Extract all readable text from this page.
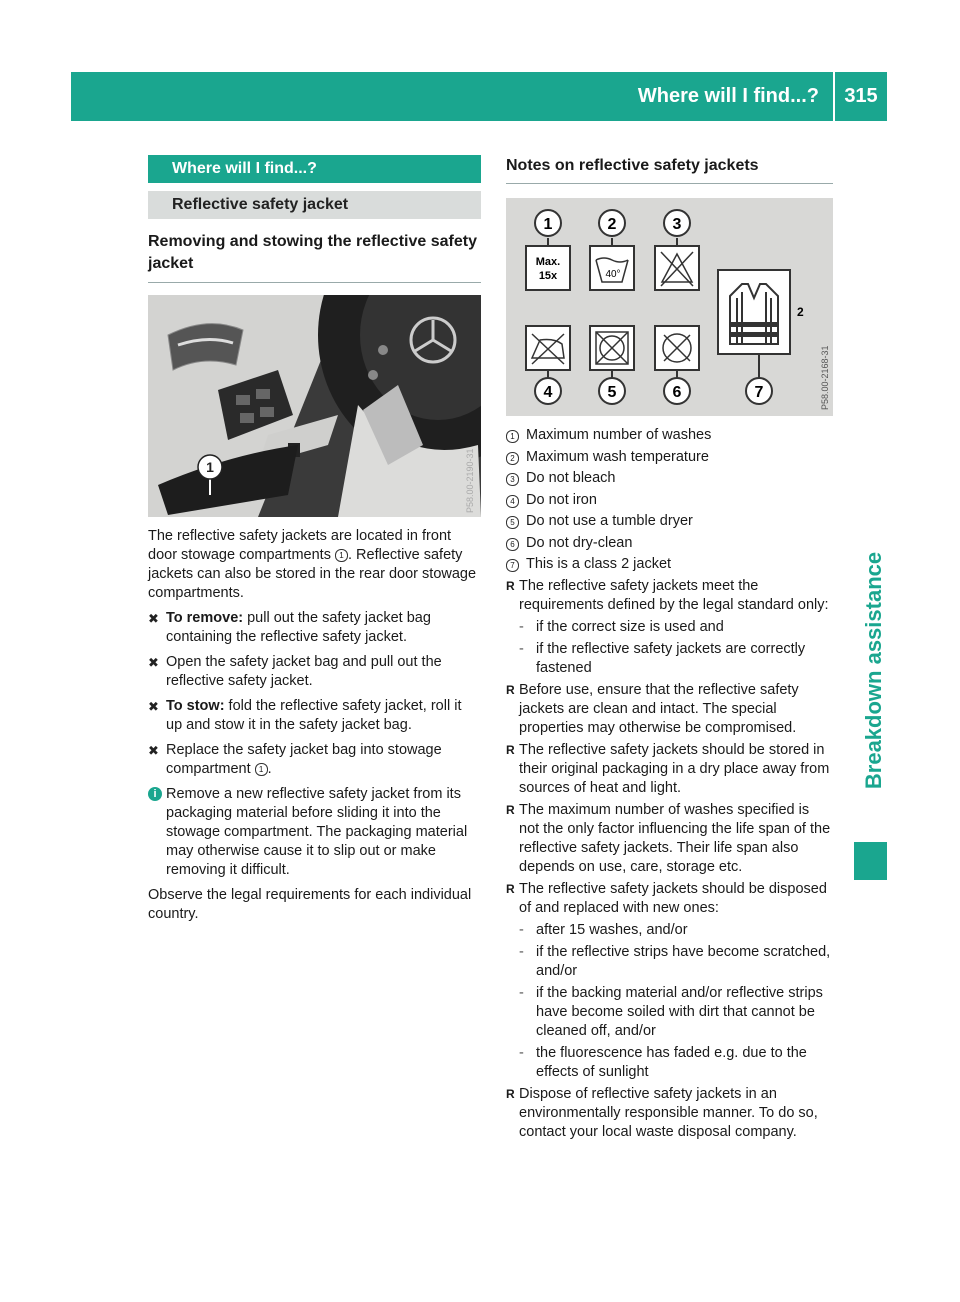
Where will I find...?	315
Breakdown assistance
Where will I find...?
Reflective safety jacket
Removing and stowing the reflective safety jacket
1	P58.00-2190-31

The reflective safety jackets are located in front door stowage compartments 1 . Reflective safety jackets can also be stored in the rear door stowage compartments.

✖ To remove: pull out the safety jacket bag containing the reflective safety jacket.
✖ Open the safety jacket bag and pull out the reflective safety jacket.
✖ To stow: fold the reflective safety jacket, roll it up and stow it in the safety jacket bag.
✖ Replace the safety jacket bag into stowage compartment 1 .
i Remove a new reflective safety jacket from its packaging material before sliding it into the stowage compartment. The packaging material may otherwise cause it to slip out or make removing it difficult.

Observe the legal requirements for each individual country.

Notes on reflective safety jackets
1	2	3
Max.
15x	40°
2
4	5	6	7	P58.00-2168-31
1 Maximum number of washes
2 Maximum wash temperature
3 Do not bleach
4 Do not iron
5 Do not use a tumble dryer
6 Do not dry-clean
7 This is a class 2 jacket
R The reflective safety jackets meet the requirements defined by the legal standard only:
- if the correct size is used and
- if the reflective safety jackets are correctly fastened
R Before use, ensure that the reflective safety jackets are clean and intact. The special properties may otherwise be compromised.
R The reflective safety jackets should be stored in their original packaging in a dry place away from sources of heat and light.
R The maximum number of washes specified is not the only factor influencing the life span of the reflective safety jackets. Their life span also depends on use, care, storage etc.
R The reflective safety jackets should be disposed of and replaced with new ones:
- after 15 washes, and/or
- if the reflective strips have become scratched, and/or
- if the backing material and/or reflective strips have become soiled with dirt that cannot be cleaned off, and/or
- the fluorescence has faded e.g. due to the effects of sunlight
R Dispose of reflective safety jackets in an environmentally responsible manner. To do so, contact your local waste disposal company.
